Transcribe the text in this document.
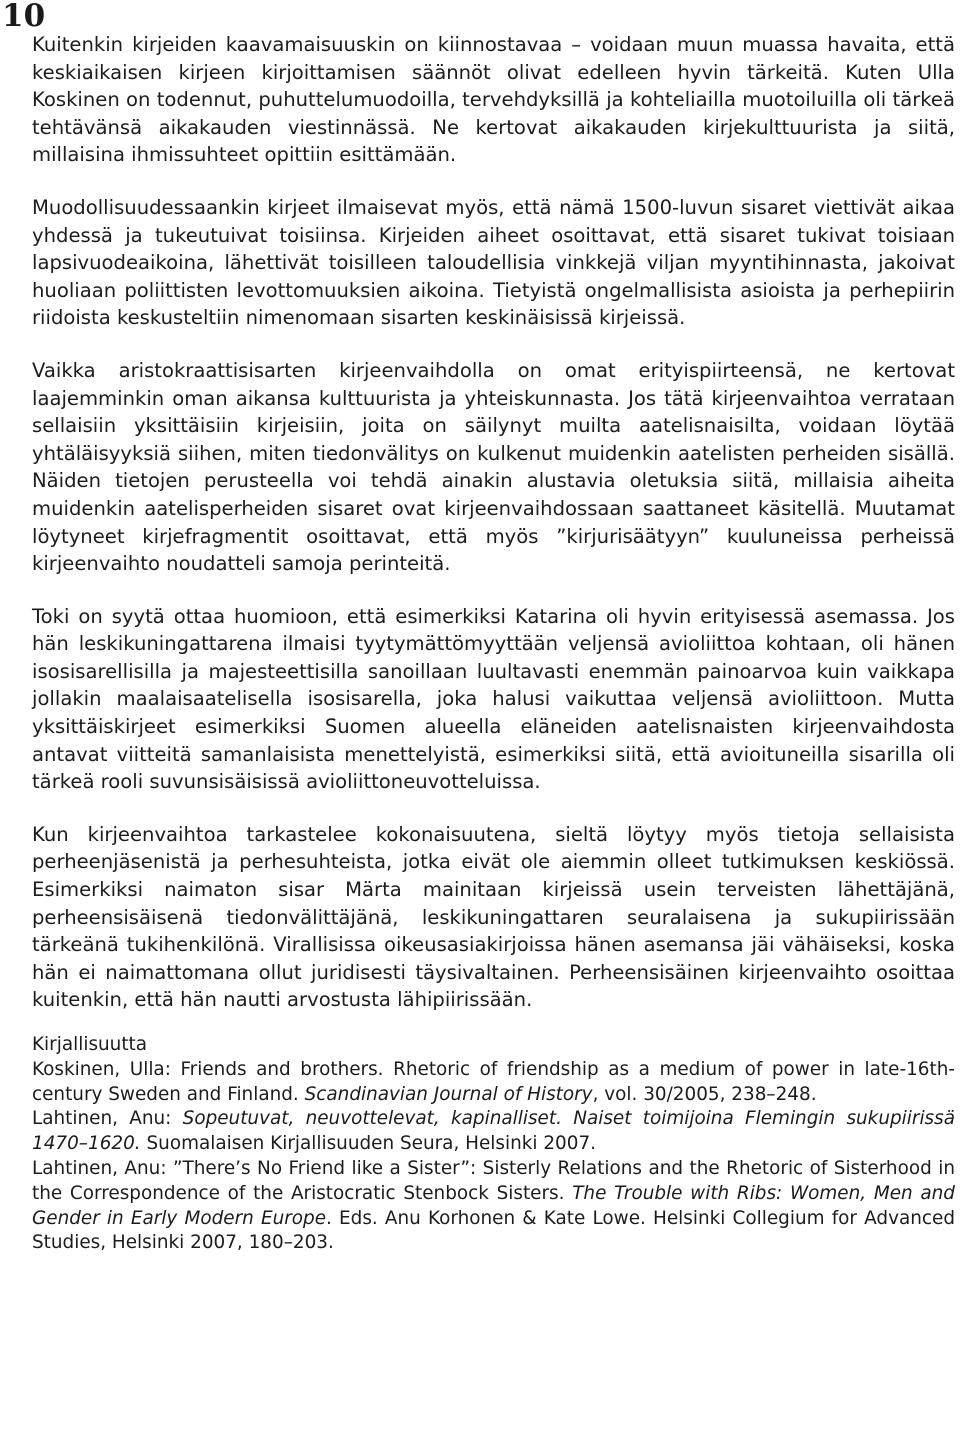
10

Kuitenkin kirjeiden kaavamaisuuskin on kiinnostavaa – voidaan muun muassa havaita, että keskiaikaisen kirjeen kirjoittamisen säännöt olivat edelleen hyvin tärkeitä. Kuten Ulla Koskinen on todennut, puhuttelumuodoilla, tervehdyksillä ja kohteliailla muotoiluilla oli tärkeä tehtävänsä aikakauden viestinnässä. Ne kertovat aikakauden kirjekulttuurista ja siitä, millaisina ihmissuhteet opittiin esittämään.

Muodollisuudessaankin kirjeet ilmaisevat myös, että nämä 1500-luvun sisaret viettivät aikaa yhdessä ja tukeutuivat toisiinsa. Kirjeiden aiheet osoittavat, että sisaret tukivat toisiaan lapsivuodeaikoina, lähettivät toisilleen taloudellisia vinkkejä viljan myyntihinnasta, jakoivat huoliaan poliittisten levottomuuksien aikoina. Tietyistä ongelmallisista asioista ja perhepiirin riidoista keskusteltiin nimenomaan sisarten keskinäisissä kirjeissä.

Vaikka aristokraattisisarten kirjeenvaihdolla on omat erityispiirteensä, ne kertovat laajemminkin oman aikansa kulttuurista ja yhteiskunnasta. Jos tätä kirjeenvaihtoa verrataan sellaisiin yksittäisiin kirjeisiin, joita on säilynyt muilta aatelisnaisilta, voidaan löytää yhtäläisyyksiä siihen, miten tiedonvälitys on kulkenut muidenkin aatelisten perheiden sisällä. Näiden tietojen perusteella voi tehdä ainakin alustavia oletuksia siitä, millaisia aiheita muidenkin aatelisperheiden sisaret ovat kirjeenvaihdossaan saattaneet käsitellä. Muutamat löytyneet kirjefragmentit osoittavat, että myös ”kirjurisäätyyn” kuuluneissa perheissä kirjeenvaihto noudatteli samoja perinteitä.

Toki on syytä ottaa huomioon, että esimerkiksi Katarina oli hyvin erityisessä asemassa. Jos hän leskikuningattarena ilmaisi tyytymättömyyttään veljensä avioliittoa kohtaan, oli hänen isosisarellisilla ja majesteettisilla sanoillaan luultavasti enemmän painoarvoa kuin vaikkapa jollakin maalaisaatelisella isosisarella, joka halusi vaikuttaa veljensä avioliittoon. Mutta yksittäiskirjeet esimerkiksi Suomen alueella eläneiden aatelisnaisten kirjeenvaihdosta antavat viitteitä samanlaisista menettelyistä, esimerkiksi siitä, että avioituneilla sisarilla oli tärkeä rooli suvunsisäisissä avioliittoneuvotteluissa.

Kun kirjeenvaihtoa tarkastelee kokonaisuutena, sieltä löytyy myös tietoja sellaisista perheenjäsenistä ja perhesuhteista, jotka eivät ole aiemmin olleet tutkimuksen keskiössä. Esimerkiksi naimaton sisar Märta mainitaan kirjeissä usein terveisten lähettäjänä, perheensisäisenä tiedonvälittäjänä, leskikuningattaren seuralaisena ja sukupiirissään tärkeänä tukihenkilönä. Virallisissa oikeusasiakirjoissa hänen asemansa jäi vähäiseksi, koska hän ei naimattomana ollut juridisesti täysivaltainen. Perheensisäinen kirjeenvaihto osoittaa kuitenkin, että hän nautti arvostusta lähipiirissään.

Kirjallisuutta

Koskinen, Ulla: Friends and brothers. Rhetoric of friendship as a medium of power in late-16th-century Sweden and Finland. Scandinavian Journal of History, vol. 30/2005, 238–248.

Lahtinen, Anu: Sopeutuvat, neuvottelevat, kapinalliset. Naiset toimijoina Flemingin sukupiirissä 1470–1620. Suomalaisen Kirjallisuuden Seura, Helsinki 2007.

Lahtinen, Anu: ”There’s No Friend like a Sister”: Sisterly Relations and the Rhetoric of Sisterhood in the Correspondence of the Aristocratic Stenbock Sisters. The Trouble with Ribs: Women, Men and Gender in Early Modern Europe. Eds. Anu Korhonen & Kate Lowe. Helsinki Collegium for Advanced Studies, Helsinki 2007, 180–203.
